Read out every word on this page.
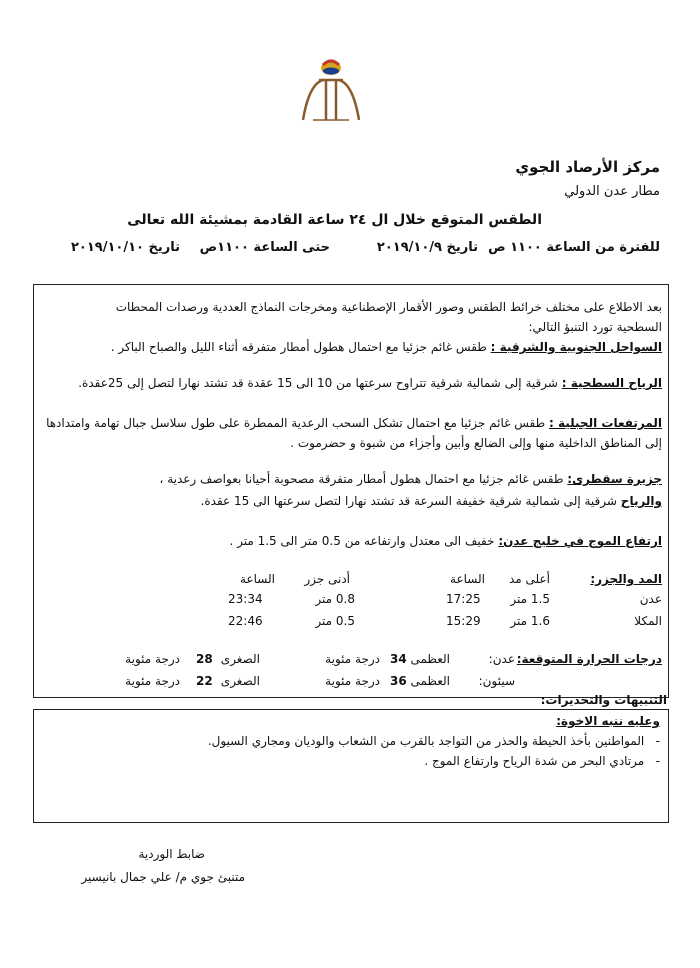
مركز الأرصاد الجوي
مطار عدن الدولي
الطقس المتوقع خلال ال ٢٤ ساعة القادمة بمشيئة الله تعالى
للفترة من الساعة ١١٠٠ ص
تاريخ ٢٠١٩/١٠/٩
حتى الساعة ١١٠٠ص
تاريخ ٢٠١٩/١٠/١٠
بعد الاطلاع على مختلف خرائط الطقس وصور الأقمار الإصطناعية ومخرجات النماذج العددية ورصدات المحطات
السطحية تورد التنبؤ التالي:
السواحل الجنوبية والشرقية : طقس غائم جزئيا مع احتمال هطول أمطار متفرقه أثناء الليل والصباح الباكر .
الرياح السطحية : شرقية إلى شمالية شرقية تتراوح سرعتها من 10 الى 15 عقدة قد تشتد نهارا لتصل إلى 25عقدة.
المرتفعات الجبلية : طقس غائم جزئيا مع احتمال تشكل السحب الرعدية الممطرة على طول سلاسل جبال تهامة وامتدادها
إلى المناطق الداخلية منها وإلى الضالع وأبين وأجزاء من شبوة و حضرموت .
جزيرة سقطرى: طقس غائم جزئيا مع احتمال هطول أمطار متفرقة مصحوبة أحيانا بعواصف رعدية ،
والرياح شرقية إلى شمالية شرقية خفيفة السرعة قد تشتد نهارا لتصل سرعتها الى 15 عقدة.
ارتفاع الموج في خليج عدن: خفيف الى معتدل وارتفاعه من 0.5 متر الى 1.5 متر .
المد والجزر:
أعلى مد
الساعة
أدنى جزر
الساعة
عدن
1.5 متر
17:25
0.8 متر
23:34
المكلا
1.6 متر
15:29
0.5 متر
22:46
درجات الحرارة المتوقعة:
عدن:
العظمى
34
درجة مئوية
الصغرى
28
درجة مئوية
سيئون:
العظمى
36
درجة مئوية
الصغرى
22
درجة مئوية
التنبيهات والتحذيرات:
وعليه ننبه الاخوة:
-   المواطنين بأخذ الحيطة والحذر من التواجد بالقرب من الشعاب والوديان ومجاري السيول.
-   مرتادي البحر من شدة الرياح وارتفاع الموج .
ضابط الوردية
متنبئ جوي م/ علي جمال بانيسير
